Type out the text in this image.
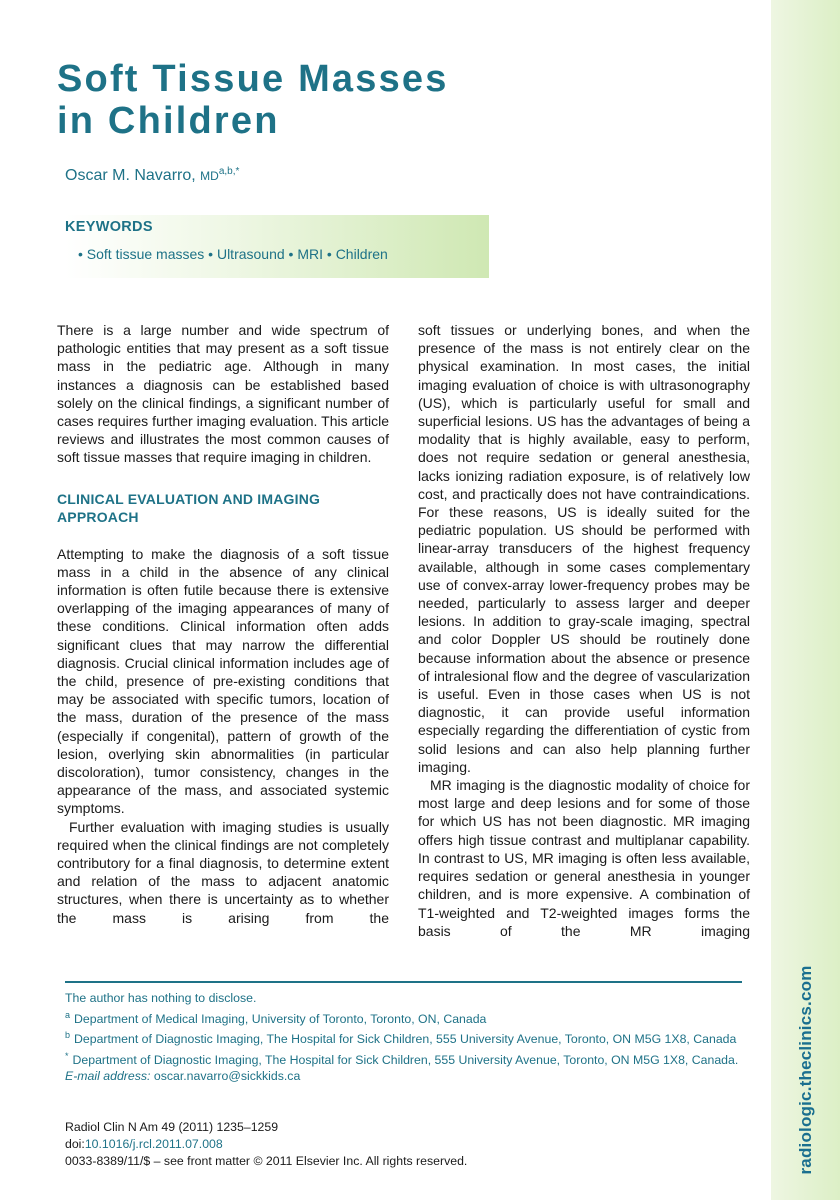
radiologic.theclinics.com
Soft Tissue Masses
in Children
Oscar M. Navarro, $MD^{a,b,*}$
KEYWORDS
• Soft tissue masses • Ultrasound • MRI • Children

There is a large number and wide spectrum of pathologic entities that may present as a soft tissue mass in the pediatric age. Although in many instances a diagnosis can be established based solely on the clinical findings, a significant number of cases requires further imaging evaluation. This article reviews and illustrates the most common causes of soft tissue masses that require imaging in children.

CLINICAL EVALUATION AND IMAGING APPROACH

Attempting to make the diagnosis of a soft tissue mass in a child in the absence of any clinical information is often futile because there is extensive overlapping of the imaging appearances of many of these conditions. Clinical information often adds significant clues that may narrow the differential diagnosis. Crucial clinical information includes age of the child, presence of pre-existing conditions that may be associated with specific tumors, location of the mass, duration of the presence of the mass (especially if congenital), pattern of growth of the lesion, overlying skin abnormalities (in particular discoloration), tumor consistency, changes in the appearance of the mass, and associated systemic symptoms.

Further evaluation with imaging studies is usually required when the clinical findings are not completely contributory for a final diagnosis, to determine extent and relation of the mass to adjacent anatomic structures, when there is uncertainty as to whether the mass is arising from the

soft tissues or underlying bones, and when the presence of the mass is not entirely clear on the physical examination. In most cases, the initial imaging evaluation of choice is with ultrasonography (US), which is particularly useful for small and superficial lesions. US has the advantages of being a modality that is highly available, easy to perform, does not require sedation or general anesthesia, lacks ionizing radiation exposure, is of relatively low cost, and practically does not have contraindications. For these reasons, US is ideally suited for the pediatric population. US should be performed with linear-array transducers of the highest frequency available, although in some cases complementary use of convex-array lower-frequency probes may be needed, particularly to assess larger and deeper lesions. In addition to gray-scale imaging, spectral and color Doppler US should be routinely done because information about the absence or presence of intralesional flow and the degree of vascularization is useful. Even in those cases when US is not diagnostic, it can provide useful information especially regarding the differentiation of cystic from solid lesions and can also help planning further imaging.

MR imaging is the diagnostic modality of choice for most large and deep lesions and for some of those for which US has not been diagnostic. MR imaging offers high tissue contrast and multiplanar capability. In contrast to US, MR imaging is often less available, requires sedation or general anesthesia in younger children, and is more expensive. A combination of T1-weighted and T2-weighted images forms the basis of the MR imaging

The author has nothing to disclose.

$^a$ Department of Medical Imaging, University of Toronto, Toronto, ON, Canada

$^b$ Department of Diagnostic Imaging, The Hospital for Sick Children, 555 University Avenue, Toronto, ON M5G 1X8, Canada

* Department of Diagnostic Imaging, The Hospital for Sick Children, 555 University Avenue, Toronto, ON M5G 1X8, Canada.

E-mail address: oscar.navarro@sickkids.ca

Radiol Clin N Am 49 (2011) 1235–1259

doi:10.1016/j.rcl.2011.07.008

0033-8389/11/$ – see front matter © 2011 Elsevier Inc. All rights reserved.
